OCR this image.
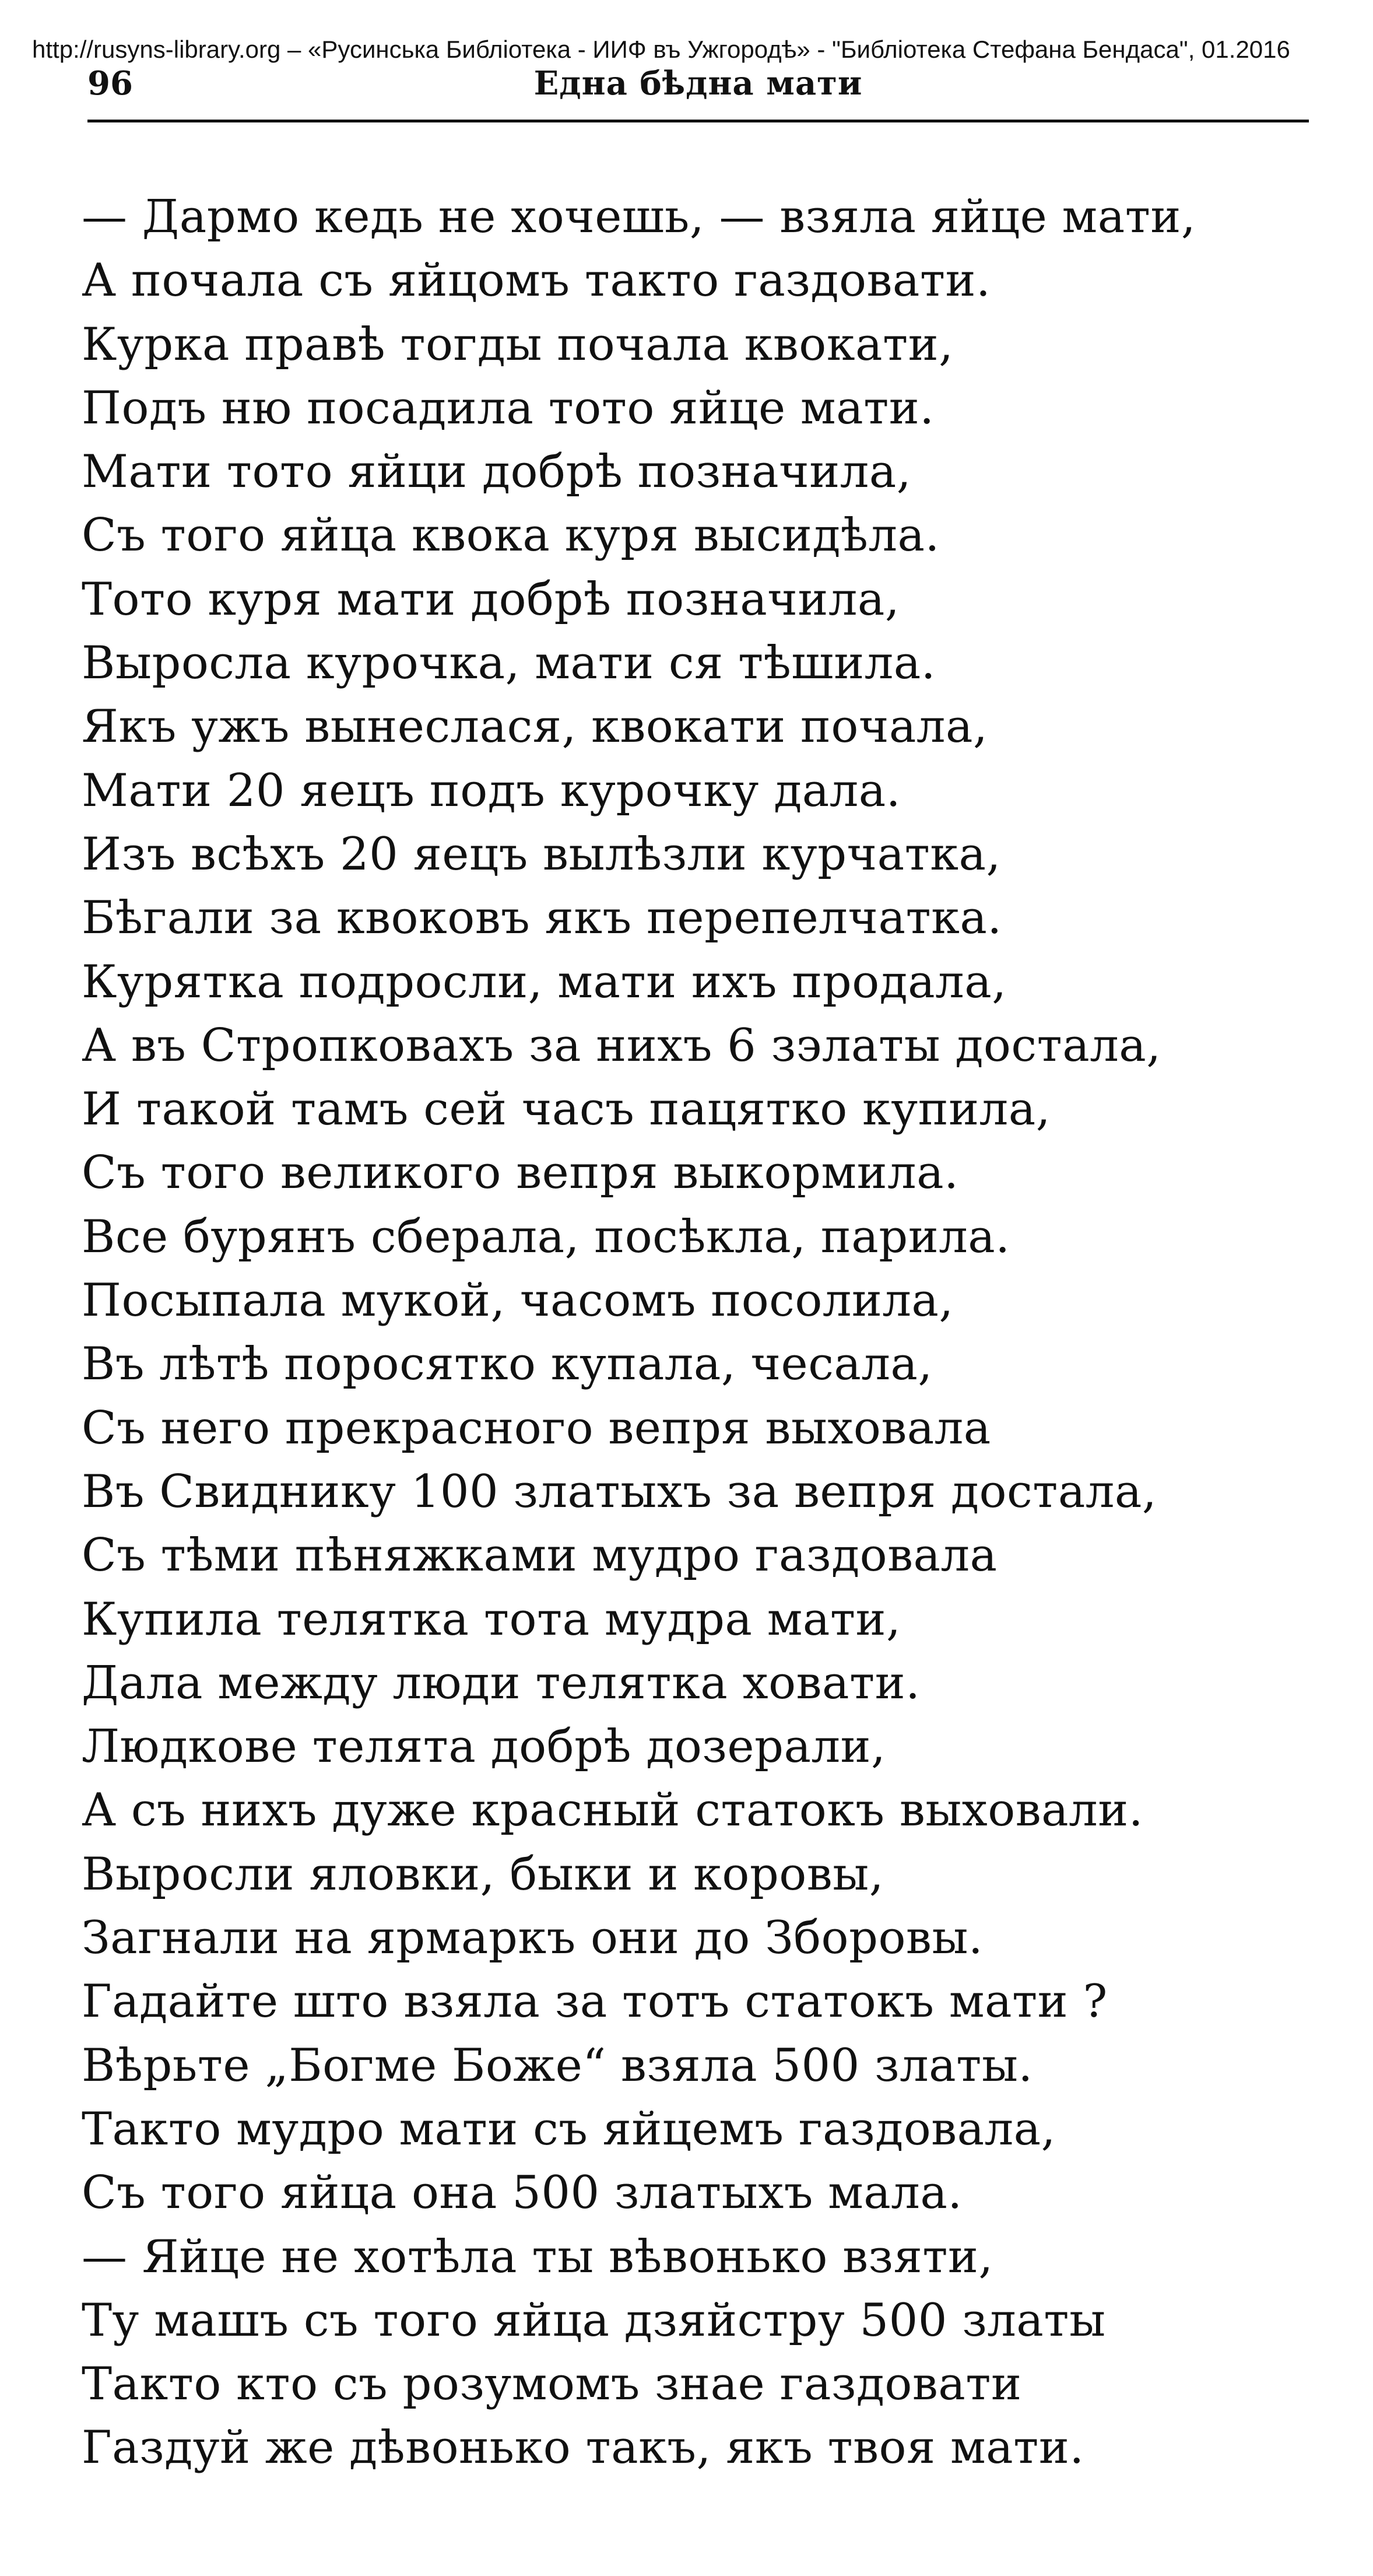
http://rusyns-library.org – «Русинська Библіотека - ИИФ въ Ужгородѣ» - "Библіотека Стефана Бендаса", 01.2016
96	Една бѣдна мати
— Дармо кедь не хочешь, — взяла яйце мати,
А почала съ яйцомъ такто газдовати.
Курка правѣ тогды почала квокати,
Подъ ню посадила тото яйце мати.
Мати тото яйци добрѣ позначила,
Съ того яйца квока куря высидѣла.
Тото куря мати добрѣ позначила,
Выросла курочка, мати ся тѣшила.
Якъ ужъ вынеслася, квокати почала,
Мати 20 яецъ подъ курочку дала.
Изъ всѣхъ 20 яецъ вылѣзли курчатка,
Бѣгали за квоковъ якъ перепелчатка.
Курятка подросли, мати ихъ продала,
А въ Стропковахъ за нихъ 6 зэлаты достала,
И такой тамъ сей часъ пацятко купила,
Съ того великого вепря выкормила.
Все бурянъ сберала, посѣкла, парила.
Посыпала мукой, часомъ посолила,
Въ лѣтѣ поросятко купала, чесала,
Съ него прекрасного вепря выховала
Въ Свиднику 100 златыхъ за вепря достала,
Съ тѣми пѣняжками мудро газдовала
Купила телятка тота мудра мати,
Дала между люди телятка ховати.
Людкове телята добрѣ дозерали,
А съ нихъ дуже красный статокъ выховали.
Выросли яловки, быки и коровы,
Загнали на ярмаркъ они до Зборовы.
Гадайте што взяла за тотъ статокъ мати ?
Вѣрьте „Богме Боже“ взяла 500 златы.
Такто мудро мати съ яйцемъ газдовала,
Съ того яйца она 500 златыхъ мала.
— Яйце не хотѣла ты вѣвонько взяти,
Ту машъ съ того яйца дзяйстру 500 златы
Такто кто съ розумомъ знае газдовати
Газдуй же дѣвонько такъ, якъ твоя мати.
